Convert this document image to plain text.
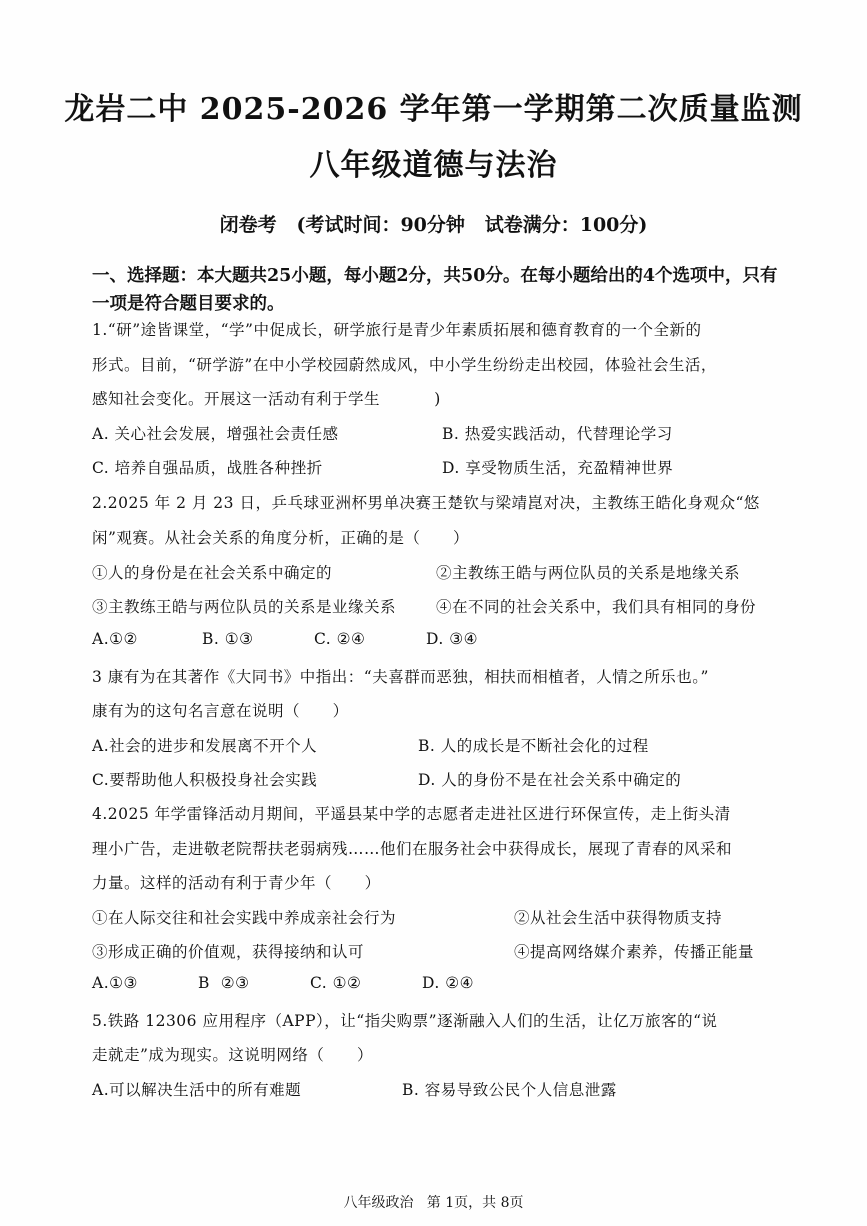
龙岩二中 2025-2026 学年第一学期第二次质量监测
八年级道德与法治
闭卷考   (考试时间：90分钟   试卷满分：100分)
一、选择题：本大题共25小题，每小题2分，共50分。在每小题给出的4个选项中，只有一项是符合题目要求的。
1.“研”途皆课堂，“学”中促成长，研学旅行是青少年素质拓展和德育教育的一个全新的
形式。目前，“研学游”在中小学校园蔚然成风，中小学生纷纷走出校园，体验社会生活，
感知社会变化。开展这一活动有利于学生          )
A. 关心社会发展，增强社会责任感	B. 热爱实践活动，代替理论学习
C. 培养自强品质，战胜各种挫折	D. 享受物质生活，充盈精神世界
2.2025 年 2 月 23 日，乒乓球亚洲杯男单决赛王楚钦与梁靖崑对决，主教练王皓化身观众“悠
闲”观赛。从社会关系的角度分析，正确的是（      ）
①人的身份是在社会关系中确定的	②主教练王皓与两位队员的关系是地缘关系
③主教练王皓与两位队员的关系是业缘关系	④在不同的社会关系中，我们具有相同的身份
A.①②	B. ①③	C. ②④	D. ③④
3 康有为在其著作《大同书》中指出：“夫喜群而恶独，相扶而相植者，人情之所乐也。”
康有为的这句名言意在说明（      ）
A.社会的进步和发展离不开个人	B. 人的成长是不断社会化的过程
C.要帮助他人积极投身社会实践	D. 人的身份不是在社会关系中确定的
4.2025 年学雷锋活动月期间，平遥县某中学的志愿者走进社区进行环保宣传，走上街头清
理小广告，走进敬老院帮扶老弱病残……他们在服务社会中获得成长，展现了青春的风采和
力量。这样的活动有利于青少年（      ）
①在人际交往和社会实践中养成亲社会行为	②从社会生活中获得物质支持
③形成正确的价值观，获得接纳和认可	④提高网络媒介素养，传播正能量
A.①③	B  ②③	C. ①②	D. ②④
5.铁路 12306 应用程序（APP），让“指尖购票”逐渐融入人们的生活，让亿万旅客的“说
走就走”成为现实。这说明网络（      ）
A.可以解决生活中的所有难题	B. 容易导致公民个人信息泄露
八年级政治   第 1页，共 8页
